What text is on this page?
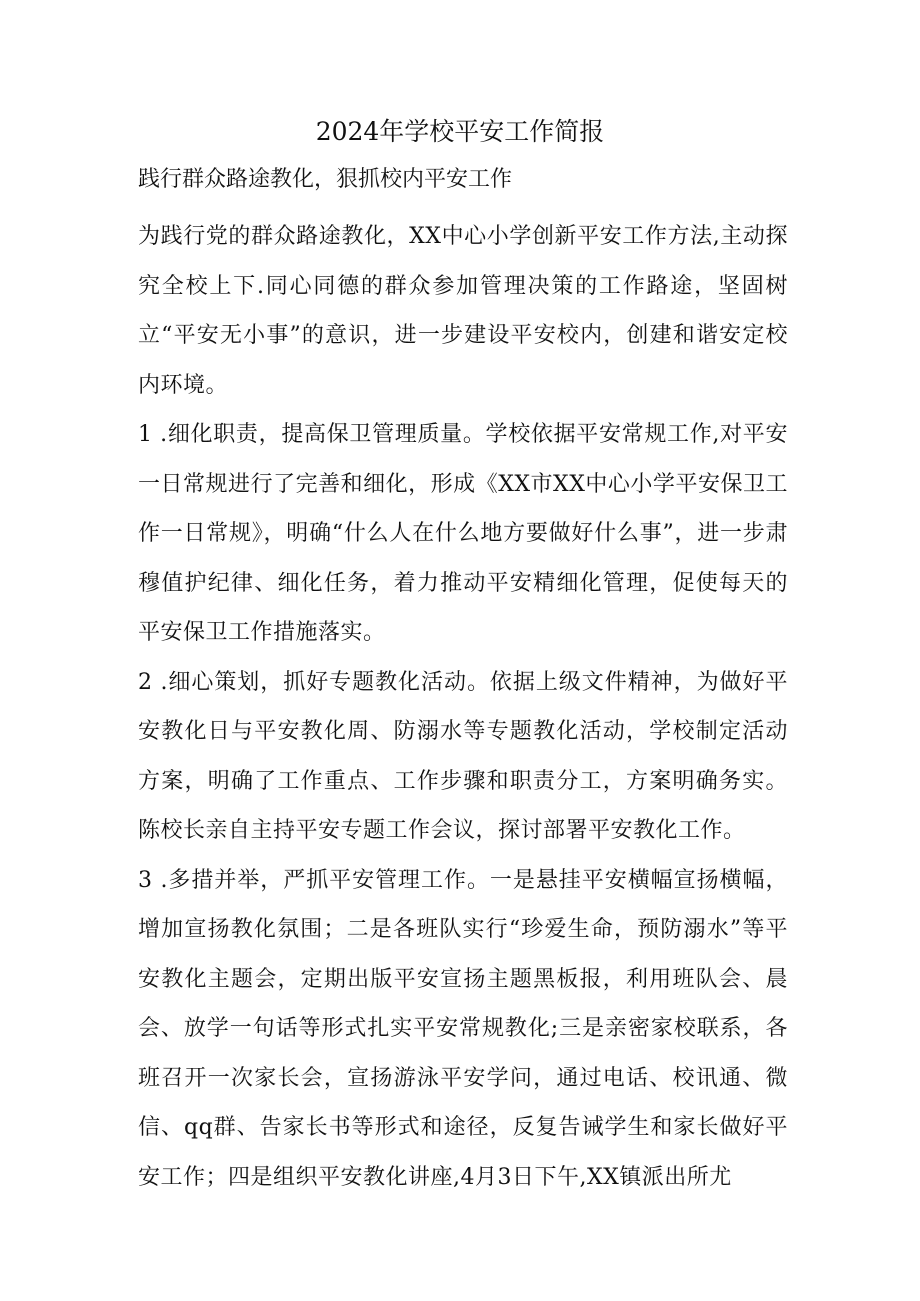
2024年学校平安工作简报

践行群众路途教化，狠抓校内平安工作

为践行党的群众路途教化，XX中心小学创新平安工作方法,主动探究全校上下.同心同德的群众参加管理决策的工作路途，坚固树立“平安无小事”的意识，进一步建设平安校内，创建和谐安定校内环境。

1 .细化职责，提高保卫管理质量。学校依据平安常规工作,对平安一日常规进行了完善和细化，形成《XX市XX中心小学平安保卫工作一日常规》，明确“什么人在什么地方要做好什么事”，进一步肃穆值护纪律、细化任务，着力推动平安精细化管理，促使每天的平安保卫工作措施落实。

2 .细心策划，抓好专题教化活动。依据上级文件精神，为做好平安教化日与平安教化周、防溺水等专题教化活动，学校制定活动方案，明确了工作重点、工作步骤和职责分工，方案明确务实。陈校长亲自主持平安专题工作会议，探讨部署平安教化工作。

3 .多措并举，严抓平安管理工作。一是悬挂平安横幅宣扬横幅，增加宣扬教化氛围；二是各班队实行“珍爱生命，预防溺水”等平安教化主题会，定期出版平安宣扬主题黑板报，利用班队会、晨会、放学一句话等形式扎实平安常规教化;三是亲密家校联系，各班召开一次家长会，宣扬游泳平安学问，通过电话、校讯通、微信、qq群、告家长书等形式和途径，反复告诫学生和家长做好平安工作；四是组织平安教化讲座,4月3日下午,XX镇派出所尤
